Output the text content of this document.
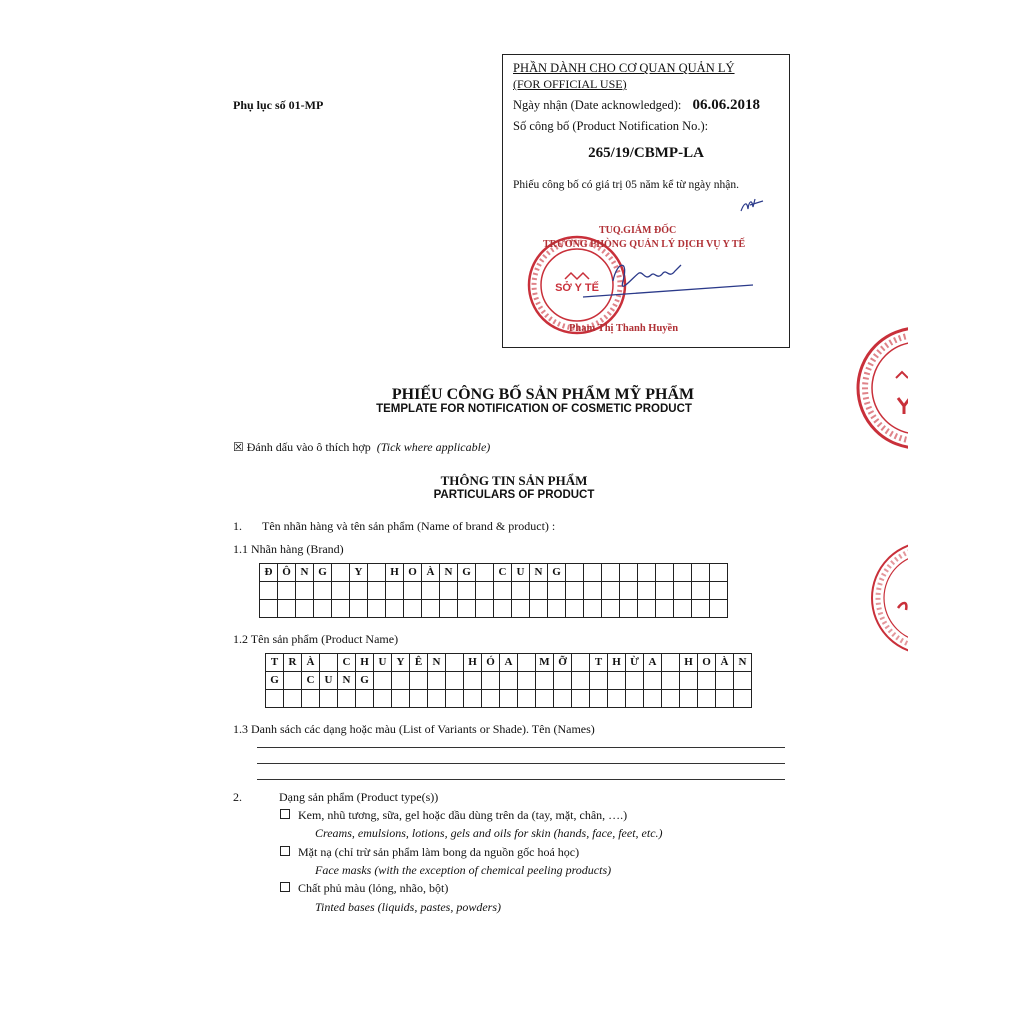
Phụ lục số 01-MP
PHẦN DÀNH CHO CƠ QUAN QUẢN LÝ
(FOR OFFICIAL USE)
Ngày nhận (Date acknowledged): 06.06.2018
Số công bố (Product Notification No.):
265/19/CBMP-LA
Phiếu công bố có giá trị 05 năm kể từ ngày nhận.
SỞ Y TẾ
TUQ.GIÁM ĐỐC
TRƯỞNG PHÒNG QUẢN LÝ DỊCH VỤ Y TẾ
Phạm Thị Thanh Huyền
PHIẾU CÔNG BỐ SẢN PHẨM MỸ PHẨM
TEMPLATE FOR NOTIFICATION OF COSMETIC PRODUCT
☒ Đánh dấu vào ô thích hợp (Tick where applicable)
THÔNG TIN SẢN PHẨM
PARTICULARS OF PRODUCT
1. Tên nhãn hàng và tên sản phẩm (Name of brand & product) :
1.1 Nhãn hàng (Brand)
Đ	Ô	N	G		Y		H	O	À	N	G		C	U	N	G									

1.2 Tên sản phẩm (Product Name)
T	R	À		C	H	U	Y	Ê	N		H	Ó	A		M	Ỡ		T	H	Ừ	A		H	O	À	N
G		C	U	N	G																					

1.3 Danh sách các dạng hoặc màu (List of Variants or Shade). Tên (Names)
2.	Dạng sản phẩm (Product type(s))
Kem, nhũ tương, sữa, gel hoặc dầu dùng trên da (tay, mặt, chân, ….)
Creams, emulsions, lotions, gels and oils for skin (hands, face, feet, etc.)
Mặt nạ (chỉ trừ sản phẩm làm bong da nguồn gốc hoá học)
Face masks (with the exception of chemical peeling products)
Chất phủ màu (lỏng, nhão, bột)
Tinted bases (liquids, pastes, powders)
